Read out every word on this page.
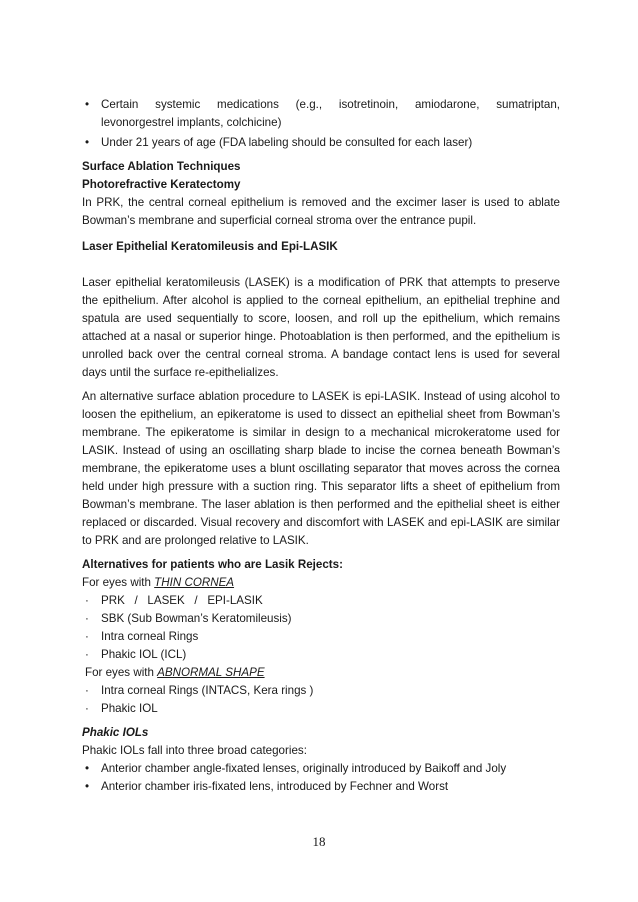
• Certain systemic medications (e.g., isotretinoin, amiodarone, sumatriptan,
levonorgestrel implants, colchicine)
• Under 21 years of age (FDA labeling should be consulted for each laser)
Surface Ablation Techniques
Photorefractive Keratectomy
In PRK, the central corneal epithelium is removed and the excimer laser is used to ablate Bowman’s membrane and superficial corneal stroma over the entrance pupil.
Laser Epithelial Keratomileusis and Epi-LASIK
Laser epithelial keratomileusis (LASEK) is a modification of PRK that attempts to preserve the epithelium. After alcohol is applied to the corneal epithelium, an epithelial trephine and spatula are used sequentially to score, loosen, and roll up the epithelium, which remains attached at a nasal or superior hinge. Photoablation is then performed, and the epithelium is unrolled back over the central corneal stroma. A bandage contact lens is used for several days until the surface re-epithelializes.
An alternative surface ablation procedure to LASEK is epi-LASIK. Instead of using alcohol to loosen the epithelium, an epikeratome is used to dissect an epithelial sheet from Bowman’s membrane. The epikeratome is similar in design to a mechanical microkeratome used for LASIK. Instead of using an oscillating sharp blade to incise the cornea beneath Bowman’s membrane, the epikeratome uses a blunt oscillating separator that moves across the cornea held under high pressure with a suction ring. This separator lifts a sheet of epithelium from Bowman’s membrane. The laser ablation is then performed and the epithelial sheet is either replaced or discarded. Visual recovery and discomfort with LASEK and epi-LASIK are similar to PRK and are prolonged relative to LASIK.
Alternatives for patients who are Lasik Rejects:
For eyes with THIN CORNEA
· PRK   /   LASEK   /   EPI-LASIK
· SBK (Sub Bowman’s Keratomileusis)
· Intra corneal Rings
· Phakic IOL (ICL)
For eyes with ABNORMAL SHAPE
· Intra corneal Rings (INTACS, Kera rings )
· Phakic IOL
Phakic IOLs
Phakic IOLs fall into three broad categories:
• Anterior chamber angle-fixated lenses, originally introduced by Baikoff and Joly
• Anterior chamber iris-fixated lens, introduced by Fechner and Worst
18
